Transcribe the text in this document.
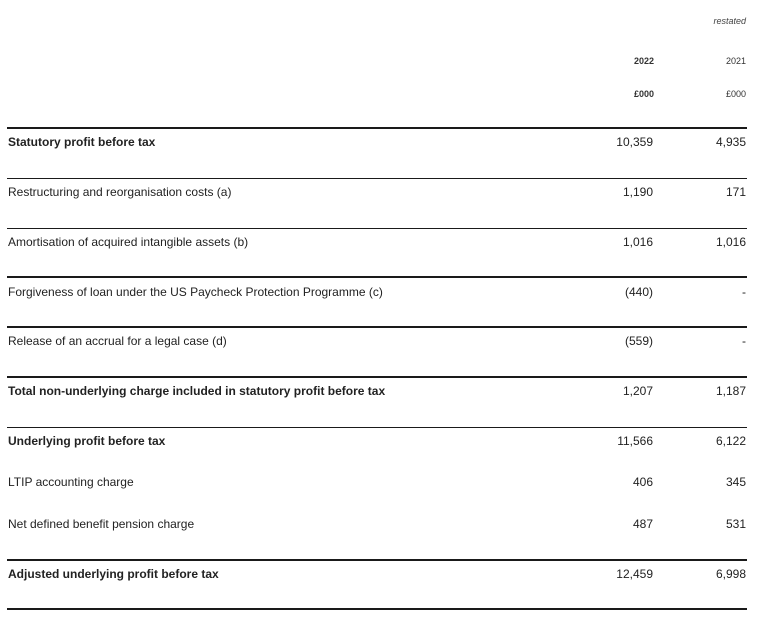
restated
2022	2021
£000	£000
Statutory profit before tax	10,359	4,935
Restructuring and reorganisation costs (a)	1,190	171
Amortisation of acquired intangible assets (b)	1,016	1,016
Forgiveness of loan under the US Paycheck Protection Programme (c)	(440)	-
Release of an accrual for a legal case (d)	(559)	-
Total non-underlying charge included in statutory profit before tax	1,207	1,187
Underlying profit before tax	11,566	6,122
LTIP accounting charge	406	345
Net defined benefit pension charge	487	531
Adjusted underlying profit before tax	12,459	6,998
